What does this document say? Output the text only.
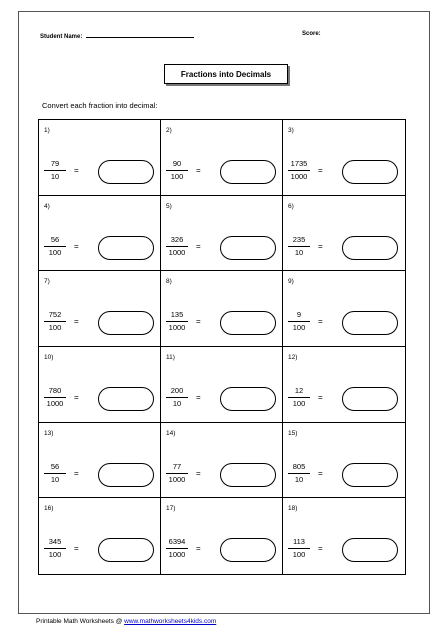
Student Name:	Score:
Fractions into Decimals
Convert each fraction into decimal:
1)
79
10
=
2)
90
100
=
3)
1735
1000
=
4)
56
100
=
5)
326
1000
=
6)
235
10
=
7)
752
100
=
8)
135
1000
=
9)
9
100
=
10)
780
1000
=
11)
200
10
=
12)
12
100
=
13)
56
10
=
14)
77
1000
=
15)
805
10
=
16)
345
100
=
17)
6394
1000
=
18)
113
100
=
Printable Math Worksheets @ www.mathworksheets4kids.com
